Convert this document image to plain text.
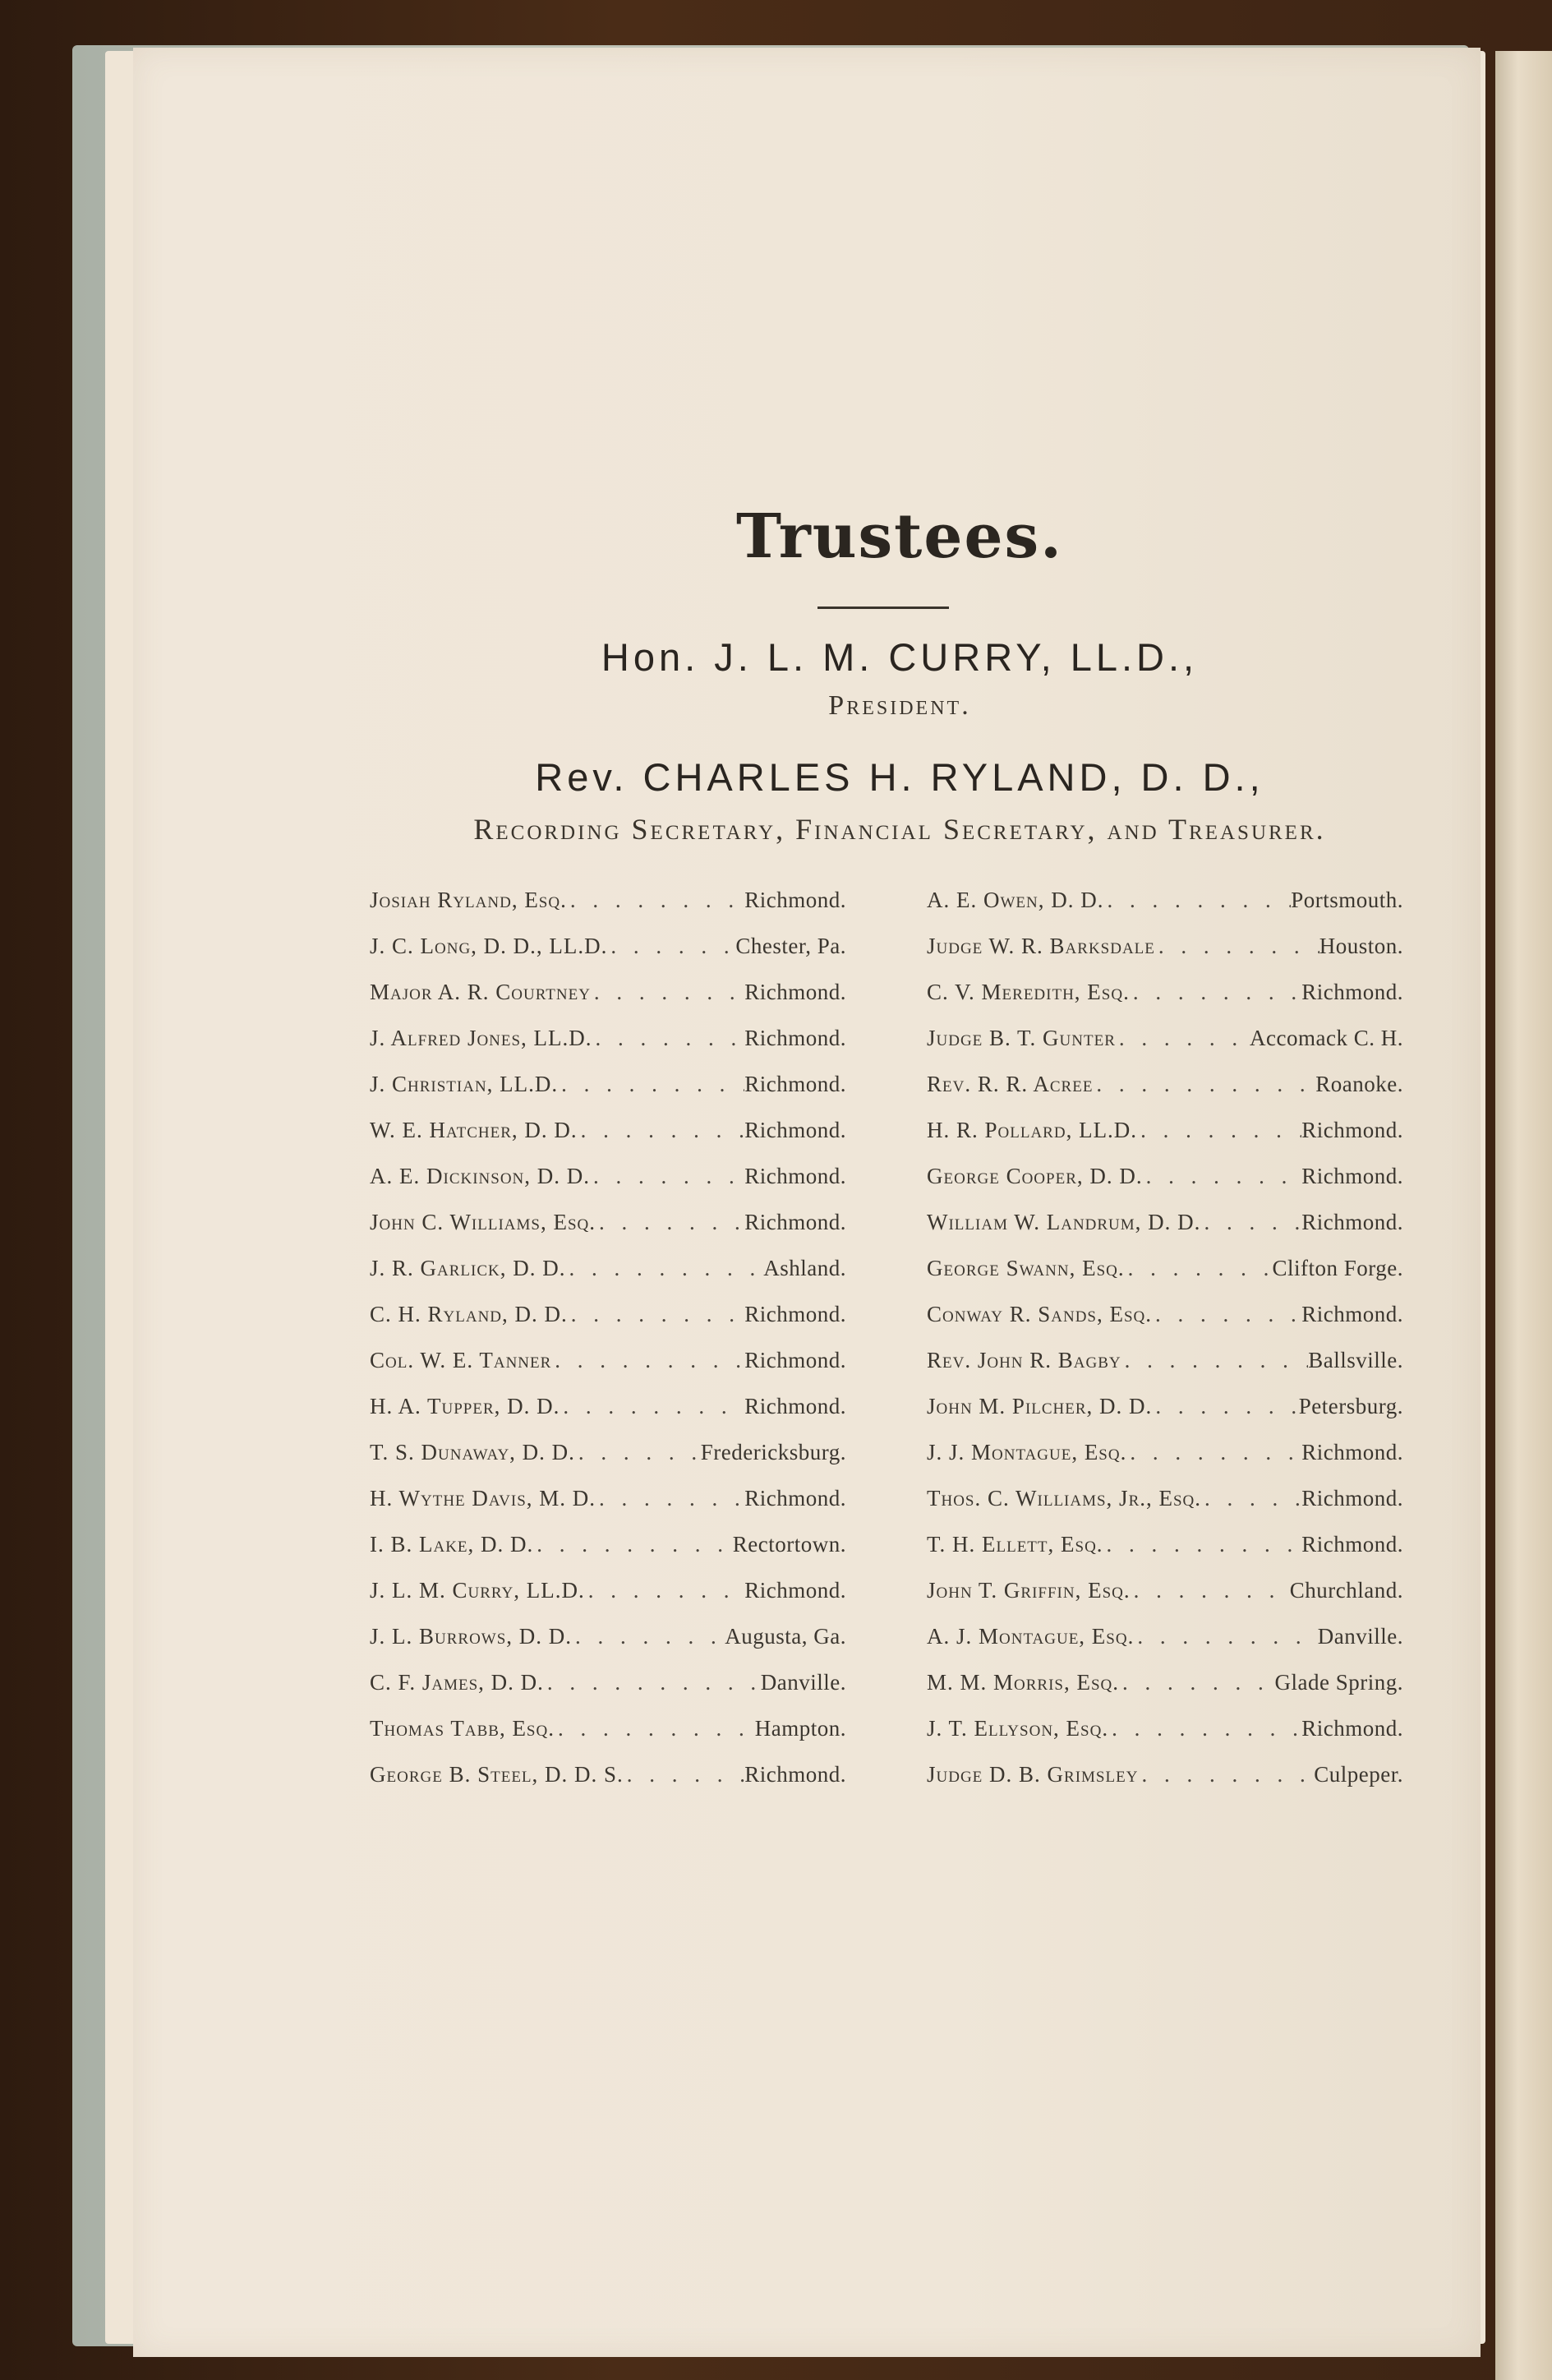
Trustees.
Hon. J. L. M. CURRY, LL.D.,
President.
Rev. CHARLES H. RYLAND, D. D.,
Recording Secretary, Financial Secretary, and Treasurer.
Josiah Ryland, Esq. . . .	Richmond.
J. C. Long, D. D., LL.D. . . .	Chester, Pa.
Major A. R. Courtney . . .	Richmond.
J. Alfred Jones, LL.D. . . .	Richmond.
J. Christian, LL.D. . . .	Richmond.
W. E. Hatcher, D. D. . . .	Richmond.
A. E. Dickinson, D. D. . . .	Richmond.
John C. Williams, Esq. . . .	Richmond.
J. R. Garlick, D. D. . . .	Ashland.
C. H. Ryland, D. D. . . .	Richmond.
Col. W. E. Tanner . . .	Richmond.
H. A. Tupper, D. D. . . .	Richmond.
T. S. Dunaway, D. D. . . .	Fredericksburg.
H. Wythe Davis, M. D. . . .	Richmond.
I. B. Lake, D. D. . . .	Rectortown.
J. L. M. Curry, LL.D. . . .	Richmond.
J. L. Burrows, D. D. . . .	Augusta, Ga.
C. F. James, D. D. . . .	Danville.
Thomas Tabb, Esq. . . .	Hampton.
George B. Steel, D. D. S. . . .	Richmond.
A. E. Owen, D. D. . . .	Portsmouth.
Judge W. R. Barksdale . . .	Houston.
C. V. Meredith, Esq. . . .	Richmond.
Judge B. T. Gunter . . .	Accomack C. H.
Rev. R. R. Acree . . .	Roanoke.
H. R. Pollard, LL.D. . . .	Richmond.
George Cooper, D. D. . . .	Richmond.
William W. Landrum, D. D. . . .	Richmond.
George Swann, Esq. . . .	Clifton Forge.
Conway R. Sands, Esq. . . .	Richmond.
Rev. John R. Bagby . . .	Ballsville.
John M. Pilcher, D. D. . . .	Petersburg.
J. J. Montague, Esq. . . .	Richmond.
Thos. C. Williams, Jr., Esq. . . .	Richmond.
T. H. Ellett, Esq. . . .	Richmond.
John T. Griffin, Esq. . . .	Churchland.
A. J. Montague, Esq. . . .	Danville.
M. M. Morris, Esq. . . .	Glade Spring.
J. T. Ellyson, Esq. . . .	Richmond.
Judge D. B. Grimsley . . .	Culpeper.
